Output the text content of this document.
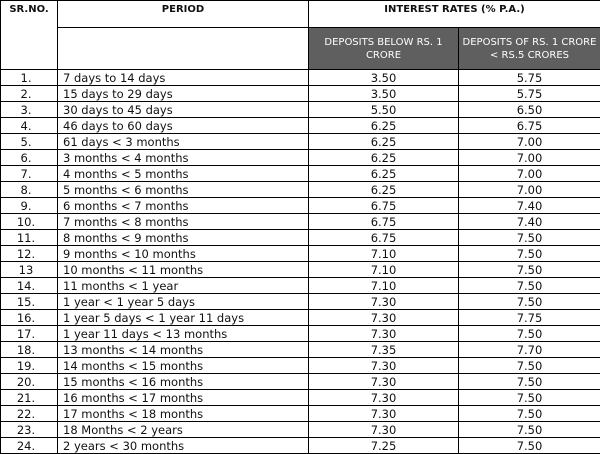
SR.NO.	PERIOD	INTEREST RATES (% P.A.)	
		DEPOSITS BELOW RS. 1 CRORE	DEPOSITS OF RS. 1 CRORE < RS.5 CRORES
1.	7 days to 14 days	3.50	5.75
2.	15 days to 29 days	3.50	5.75
3.	30 days to 45 days	5.50	6.50
4.	46 days to 60 days	6.25	6.75
5.	61 days < 3 months	6.25	7.00
6.	3 months < 4 months	6.25	7.00
7.	4 months < 5 months	6.25	7.00
8.	5 months < 6 months	6.25	7.00
9.	6 months < 7 months	6.75	7.40
10.	7 months < 8 months	6.75	7.40
11.	8 months < 9 months	6.75	7.50
12.	9 months < 10 months	7.10	7.50
13	10 months < 11 months	7.10	7.50
14.	11 months < 1 year	7.10	7.50
15.	1 year < 1 year 5 days	7.30	7.50
16.	1 year 5 days < 1 year 11 days	7.30	7.75
17.	1 year 11 days < 13 months	7.30	7.50
18.	13 months < 14 months	7.35	7.70
19.	14 months < 15 months	7.30	7.50
20.	15 months < 16 months	7.30	7.50
21.	16 months < 17 months	7.30	7.50
22.	17 months < 18 months	7.30	7.50
23.	18 Months < 2 years	7.30	7.50
24.	2 years < 30 months	7.25	7.50
